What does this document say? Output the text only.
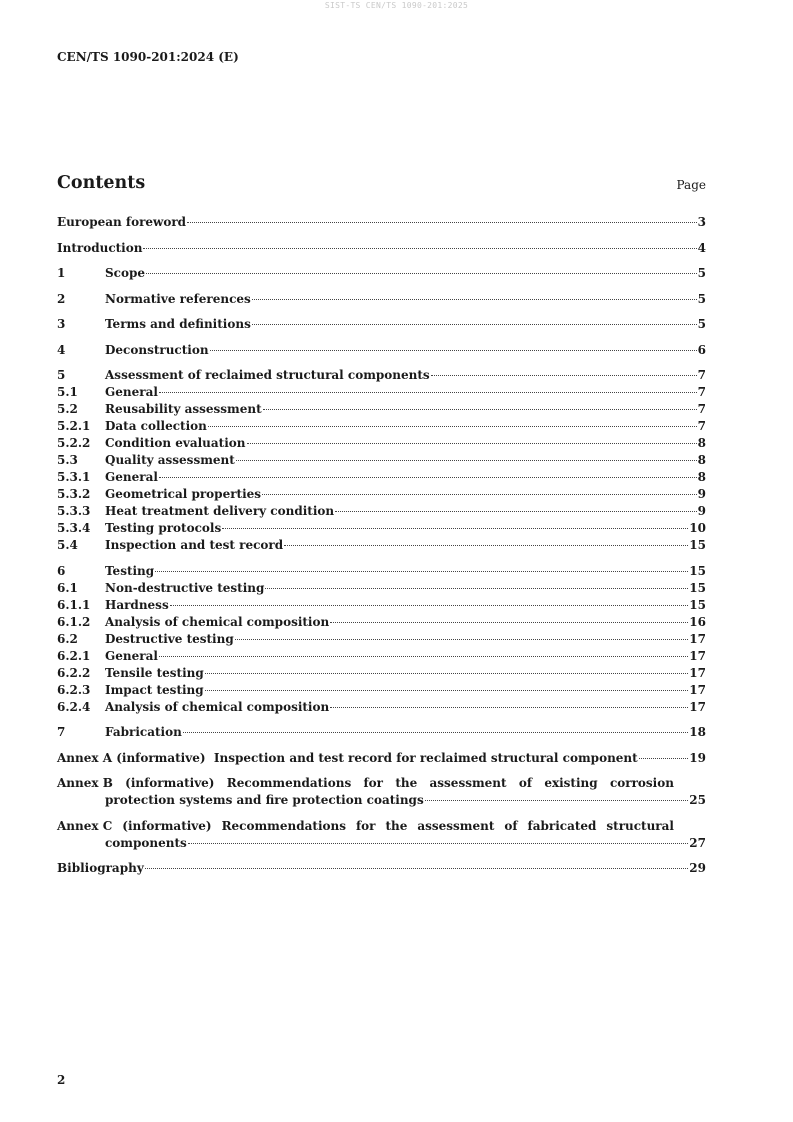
SIST-TS CEN/TS 1090-201:2025
CEN/TS 1090-201:2024 (E)
Contents	Page
European foreword	3
Introduction	4
1	Scope	5
2	Normative references	5
3	Terms and definitions	5
4	Deconstruction	6
5	Assessment of reclaimed structural components	7
5.1	General	7
5.2	Reusability assessment	7
5.2.1	Data collection	7
5.2.2	Condition evaluation	8
5.3	Quality assessment	8
5.3.1	General	8
5.3.2	Geometrical properties	9
5.3.3	Heat treatment delivery condition	9
5.3.4	Testing protocols	10
5.4	Inspection and test record	15
6	Testing	15
6.1	Non-destructive testing	15
6.1.1	Hardness	15
6.1.2	Analysis of chemical composition	16
6.2	Destructive testing	17
6.2.1	General	17
6.2.2	Tensile testing	17
6.2.3	Impact testing	17
6.2.4	Analysis of chemical composition	17
7	Fabrication	18
Annex A (informative)  Inspection and test record for reclaimed structural component	19
Annex B (informative) Recommendations for the assessment of existing corrosion
protection systems and fire protection coatings	25
Annex C (informative) Recommendations for the assessment of fabricated structural
components	27
Bibliography	29
2
